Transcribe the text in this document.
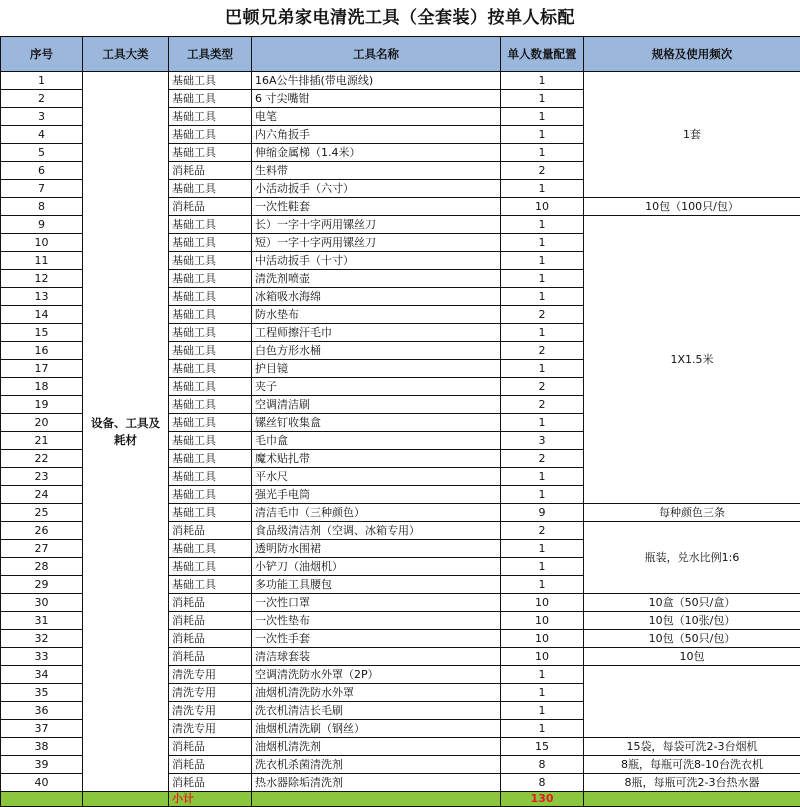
巴顿兄弟家电清洗工具（全套装）按单人标配
序号	工具大类	工具类型	工具名称	单人数量配置	规格及使用频次
1	设备、工具及耗材	基础工具	16A公牛排插(带电源线)	1	1套
2		基础工具	6 寸尖嘴钳	1	
3		基础工具	电笔	1	
4		基础工具	内六角扳手	1	
5		基础工具	伸缩金属梯（1.4米）	1	
6		消耗品	生料带	2	
7		基础工具	小活动扳手（六寸）	1	
8		消耗品	一次性鞋套	10	10包（100只/包）
9		基础工具	长）一字十字两用镙丝刀	1	1X1.5米
10		基础工具	短）一字十字两用镙丝刀	1	
11		基础工具	中活动扳手（十寸）	1	
12		基础工具	清洗剂喷壶	1	
13		基础工具	冰箱吸水海绵	1	
14		基础工具	防水垫布	2	
15		基础工具	工程师擦汗毛巾	1	
16		基础工具	白色方形水桶	2	
17		基础工具	护目镜	1	
18		基础工具	夹子	2	
19		基础工具	空调清洁刷	2	
20		基础工具	镙丝钉收集盒	1	
21		基础工具	毛巾盒	3	
22		基础工具	魔术贴扎带	2	
23		基础工具	平水尺	1	
24		基础工具	强光手电筒	1	
25		基础工具	清洁毛巾（三种颜色）	9	每种颜色三条
26		消耗品	食品级清洁剂（空调、冰箱专用）	2	瓶装，兑水比例1:6
27		基础工具	透明防水围裙	1	
28		基础工具	小铲刀（油烟机）	1	
29		基础工具	多功能工具腰包	1	
30		消耗品	一次性口罩	10	10盒（50只/盒）
31		消耗品	一次性垫布	10	10包（10张/包）
32		消耗品	一次性手套	10	10包（50只/包）
33		消耗品	清洁球套装	10	10包
34		清洗专用	空调清洗防水外罩（2P）	1	
35		清洗专用	油烟机清洗防水外罩	1	
36		清洗专用	洗衣机清洁长毛刷	1	
37		清洗专用	油烟机清洗刷（钢丝）	1	
38		消耗品	油烟机清洗剂	15	15袋，每袋可洗2-3台烟机
39		消耗品	洗衣机杀菌清洗剂	8	8瓶，每瓶可洗8-10台洗衣机
40		消耗品	热水器除垢清洗剂	8	8瓶，每瓶可洗2-3台热水器
		小计		130	
